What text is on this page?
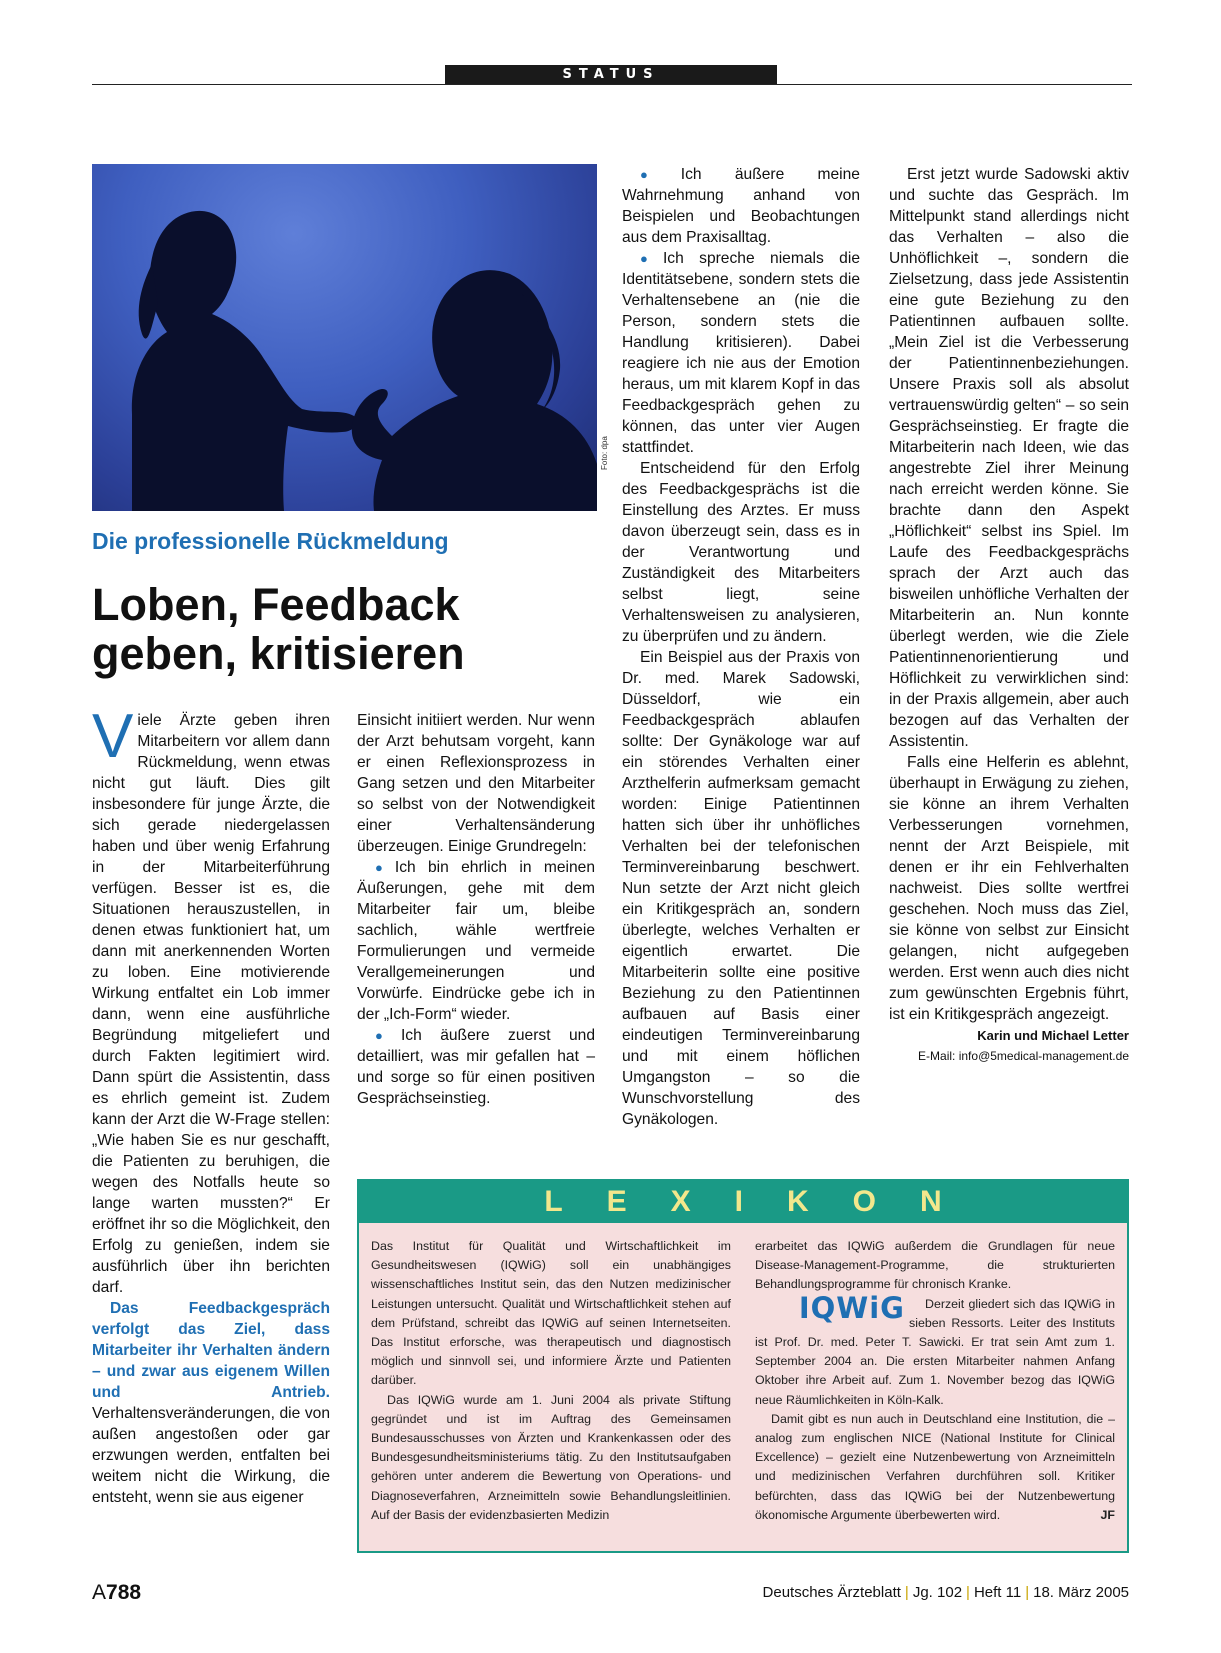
STATUS
Foto: dpa
Die professionelle Rückmeldung
Loben, Feedback geben, kritisieren

Viele Ärzte geben ihren Mitarbeitern vor allem dann Rückmeldung, wenn etwas nicht gut läuft. Dies gilt insbesondere für junge Ärzte, die sich gerade niedergelassen haben und über wenig Erfahrung in der Mitarbeiterführung verfügen. Besser ist es, die Situationen herauszustellen, in denen etwas funktioniert hat, um dann mit anerkennenden Worten zu loben. Eine motivierende Wirkung entfaltet ein Lob immer dann, wenn eine ausführliche Begründung mitgeliefert und durch Fakten legitimiert wird. Dann spürt die Assistentin, dass es ehrlich gemeint ist. Zudem kann der Arzt die W-Frage stellen: „Wie haben Sie es nur geschafft, die Patienten zu beruhigen, die wegen des Notfalls heute so lange warten mussten?“ Er eröffnet ihr so die Möglichkeit, den Erfolg zu genießen, indem sie ausführlich über ihn berichten darf.

Das Feedbackgespräch verfolgt das Ziel, dass Mitarbeiter ihr Verhalten ändern – und zwar aus eigenem Willen und Antrieb. Verhaltensveränderungen, die von außen angestoßen oder gar erzwungen werden, entfalten bei weitem nicht die Wirkung, die entsteht, wenn sie aus eigener

Einsicht initiiert werden. Nur wenn der Arzt behutsam vorgeht, kann er einen Reflexionsprozess in Gang setzen und den Mitarbeiter so selbst von der Notwendigkeit einer Verhaltensänderung überzeugen. Einige Grundregeln:

● Ich bin ehrlich in meinen Äußerungen, gehe mit dem Mitarbeiter fair um, bleibe sachlich, wähle wertfreie Formulierungen und vermeide Verallgemeinerungen und Vorwürfe. Eindrücke gebe ich in der „Ich-Form“ wieder.

● Ich äußere zuerst und detailliert, was mir gefallen hat – und sorge so für einen positiven Gesprächseinstieg.

● Ich äußere meine Wahrnehmung anhand von Beispielen und Beobachtungen aus dem Praxisalltag.

● Ich spreche niemals die Identitätsebene, sondern stets die Verhaltensebene an (nie die Person, sondern stets die Handlung kritisieren). Dabei reagiere ich nie aus der Emotion heraus, um mit klarem Kopf in das Feedbackgespräch gehen zu können, das unter vier Augen stattfindet.

Entscheidend für den Erfolg des Feedbackgesprächs ist die Einstellung des Arztes. Er muss davon überzeugt sein, dass es in der Verantwortung und Zuständigkeit des Mitarbeiters selbst liegt, seine Verhaltensweisen zu analysieren, zu überprüfen und zu ändern.

Ein Beispiel aus der Praxis von Dr. med. Marek Sadowski, Düsseldorf, wie ein Feedbackgespräch ablaufen sollte: Der Gynäkologe war auf ein störendes Verhalten einer Arzthelferin aufmerksam gemacht worden: Einige Patientinnen hatten sich über ihr unhöfliches Verhalten bei der telefonischen Terminvereinbarung beschwert. Nun setzte der Arzt nicht gleich ein Kritikgespräch an, sondern überlegte, welches Verhalten er eigentlich erwartet. Die Mitarbeiterin sollte eine positive Beziehung zu den Patientinnen aufbauen auf Basis einer eindeutigen Terminvereinbarung und mit einem höflichen Umgangston – so die Wunschvorstellung des Gynäkologen.

Erst jetzt wurde Sadowski aktiv und suchte das Gespräch. Im Mittelpunkt stand allerdings nicht das Verhalten – also die Unhöflichkeit –, sondern die Zielsetzung, dass jede Assistentin eine gute Beziehung zu den Patientinnen aufbauen sollte. „Mein Ziel ist die Verbesserung der Patientinnenbeziehungen. Unsere Praxis soll als absolut vertrauenswürdig gelten“ – so sein Gesprächseinstieg. Er fragte die Mitarbeiterin nach Ideen, wie das angestrebte Ziel ihrer Meinung nach erreicht werden könne. Sie brachte dann den Aspekt „Höflichkeit“ selbst ins Spiel. Im Laufe des Feedbackgesprächs sprach der Arzt auch das bisweilen unhöfliche Verhalten der Mitarbeiterin an. Nun konnte überlegt werden, wie die Ziele Patientinnenorientierung und Höflichkeit zu verwirklichen sind: in der Praxis allgemein, aber auch bezogen auf das Verhalten der Assistentin.

Falls eine Helferin es ablehnt, überhaupt in Erwägung zu ziehen, sie könne an ihrem Verhalten Verbesserungen vornehmen, nennt der Arzt Beispiele, mit denen er ihr ein Fehlverhalten nachweist. Dies sollte wertfrei geschehen. Noch muss das Ziel, sie könne von selbst zur Einsicht gelangen, nicht aufgegeben werden. Erst wenn auch dies nicht zum gewünschten Ergebnis führt, ist ein Kritikgespräch angezeigt.

Karin und Michael Letter

E-Mail: info@5medical-management.de

LEXIKON

Das Institut für Qualität und Wirtschaftlichkeit im Gesundheitswesen (IQWiG) soll ein unabhängiges wissenschaftliches Institut sein, das den Nutzen medizinischer Leistungen untersucht. Qualität und Wirtschaftlichkeit stehen auf dem Prüfstand, schreibt das IQWiG auf seinen Internetseiten. Das Institut erforsche, was therapeutisch und diagnostisch möglich und sinnvoll sei, und informiere Ärzte und Patienten darüber.

Das IQWiG wurde am 1. Juni 2004 als private Stiftung gegründet und ist im Auftrag des Gemeinsamen Bundesausschusses von Ärzten und Krankenkassen oder des Bundesgesundheitsministeriums tätig. Zu den Institutsaufgaben gehören unter anderem die Bewertung von Operations- und Diagnoseverfahren, Arzneimitteln sowie Behandlungsleitlinien. Auf der Basis der evidenzbasierten Medizin

erarbeitet das IQWiG außerdem die Grundlagen für neue Disease-Management-Programme, die strukturierten Behandlungsprogramme für chronisch Kranke.

IQWiG Derzeit gliedert sich das IQWiG in sieben Ressorts. Leiter des Instituts ist Prof. Dr. med. Peter T. Sawicki. Er trat sein Amt zum 1. September 2004 an. Die ersten Mitarbeiter nahmen Anfang Oktober ihre Arbeit auf. Zum 1. November bezog das IQWiG neue Räumlichkeiten in Köln-Kalk.

Damit gibt es nun auch in Deutschland eine Institution, die – analog zum englischen NICE (National Institute for Clinical Excellence) – gezielt eine Nutzenbewertung von Arzneimitteln und medizinischen Verfahren durchführen soll. Kritiker befürchten, dass das IQWiG bei der Nutzenbewertung ökonomische Argumente überbewerten wird.	JF

A788	Deutsches Ärzteblatt | Jg. 102 | Heft 11 | 18. März 2005
